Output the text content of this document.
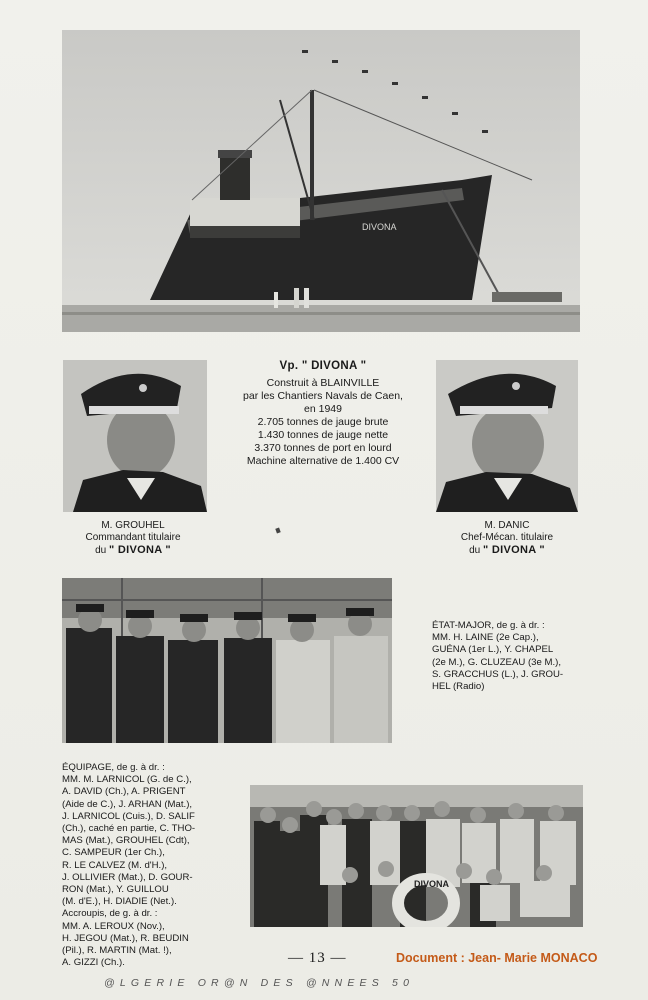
DIVONA
Vp. " DIVONA "
Construit à BLAINVILLE
par les Chantiers Navals de Caen,
en 1949
2.705 tonnes de jauge brute
1.430 tonnes de jauge nette
3.370 tonnes de port en lourd
Machine alternative de 1.400 CV
M. GROUHEL
Commandant titulaire
du " DIVONA "
M. DANIC
Chef-Mécan. titulaire
du " DIVONA "
ÉTAT-MAJOR, de g. à dr. :
MM. H. LAINE (2e Cap.),
GUÉNA (1er L.), Y. CHAPEL
(2e M.), G. CLUZEAU (3e M.),
S. GRACCHUS (L.), J. GROU-
HEL (Radio)
ÉQUIPAGE, de g. à dr. :
MM. M. LARNICOL (G. de C.),
A. DAVID (Ch.), A. PRIGENT
(Aide de C.), J. ARHAN (Mat.),
J. LARNICOL (Cuis.), D. SALIF
(Ch.), caché en partie, C. THO-
MAS (Mat.), GROUHEL (Cdt),
C. SAMPEUR (1er Ch.),
R. LE CALVEZ (M. d'H.),
J. OLLIVIER (Mat.), D. GOUR-
RON (Mat.), Y. GUILLOU
(M. d'E.), H. DIADIE (Net.).
Accroupis, de g. à dr. :
MM. A. LEROUX (Nov.),
H. JEGOU (Mat.), R. BEUDIN
(Pil.), R. MARTIN (Mat. !),
A. GIZZI (Ch.).
DIVONA
— 13 —	Document : Jean- Marie MONACO
@LGERIE OR@N DES @NNEES 50
